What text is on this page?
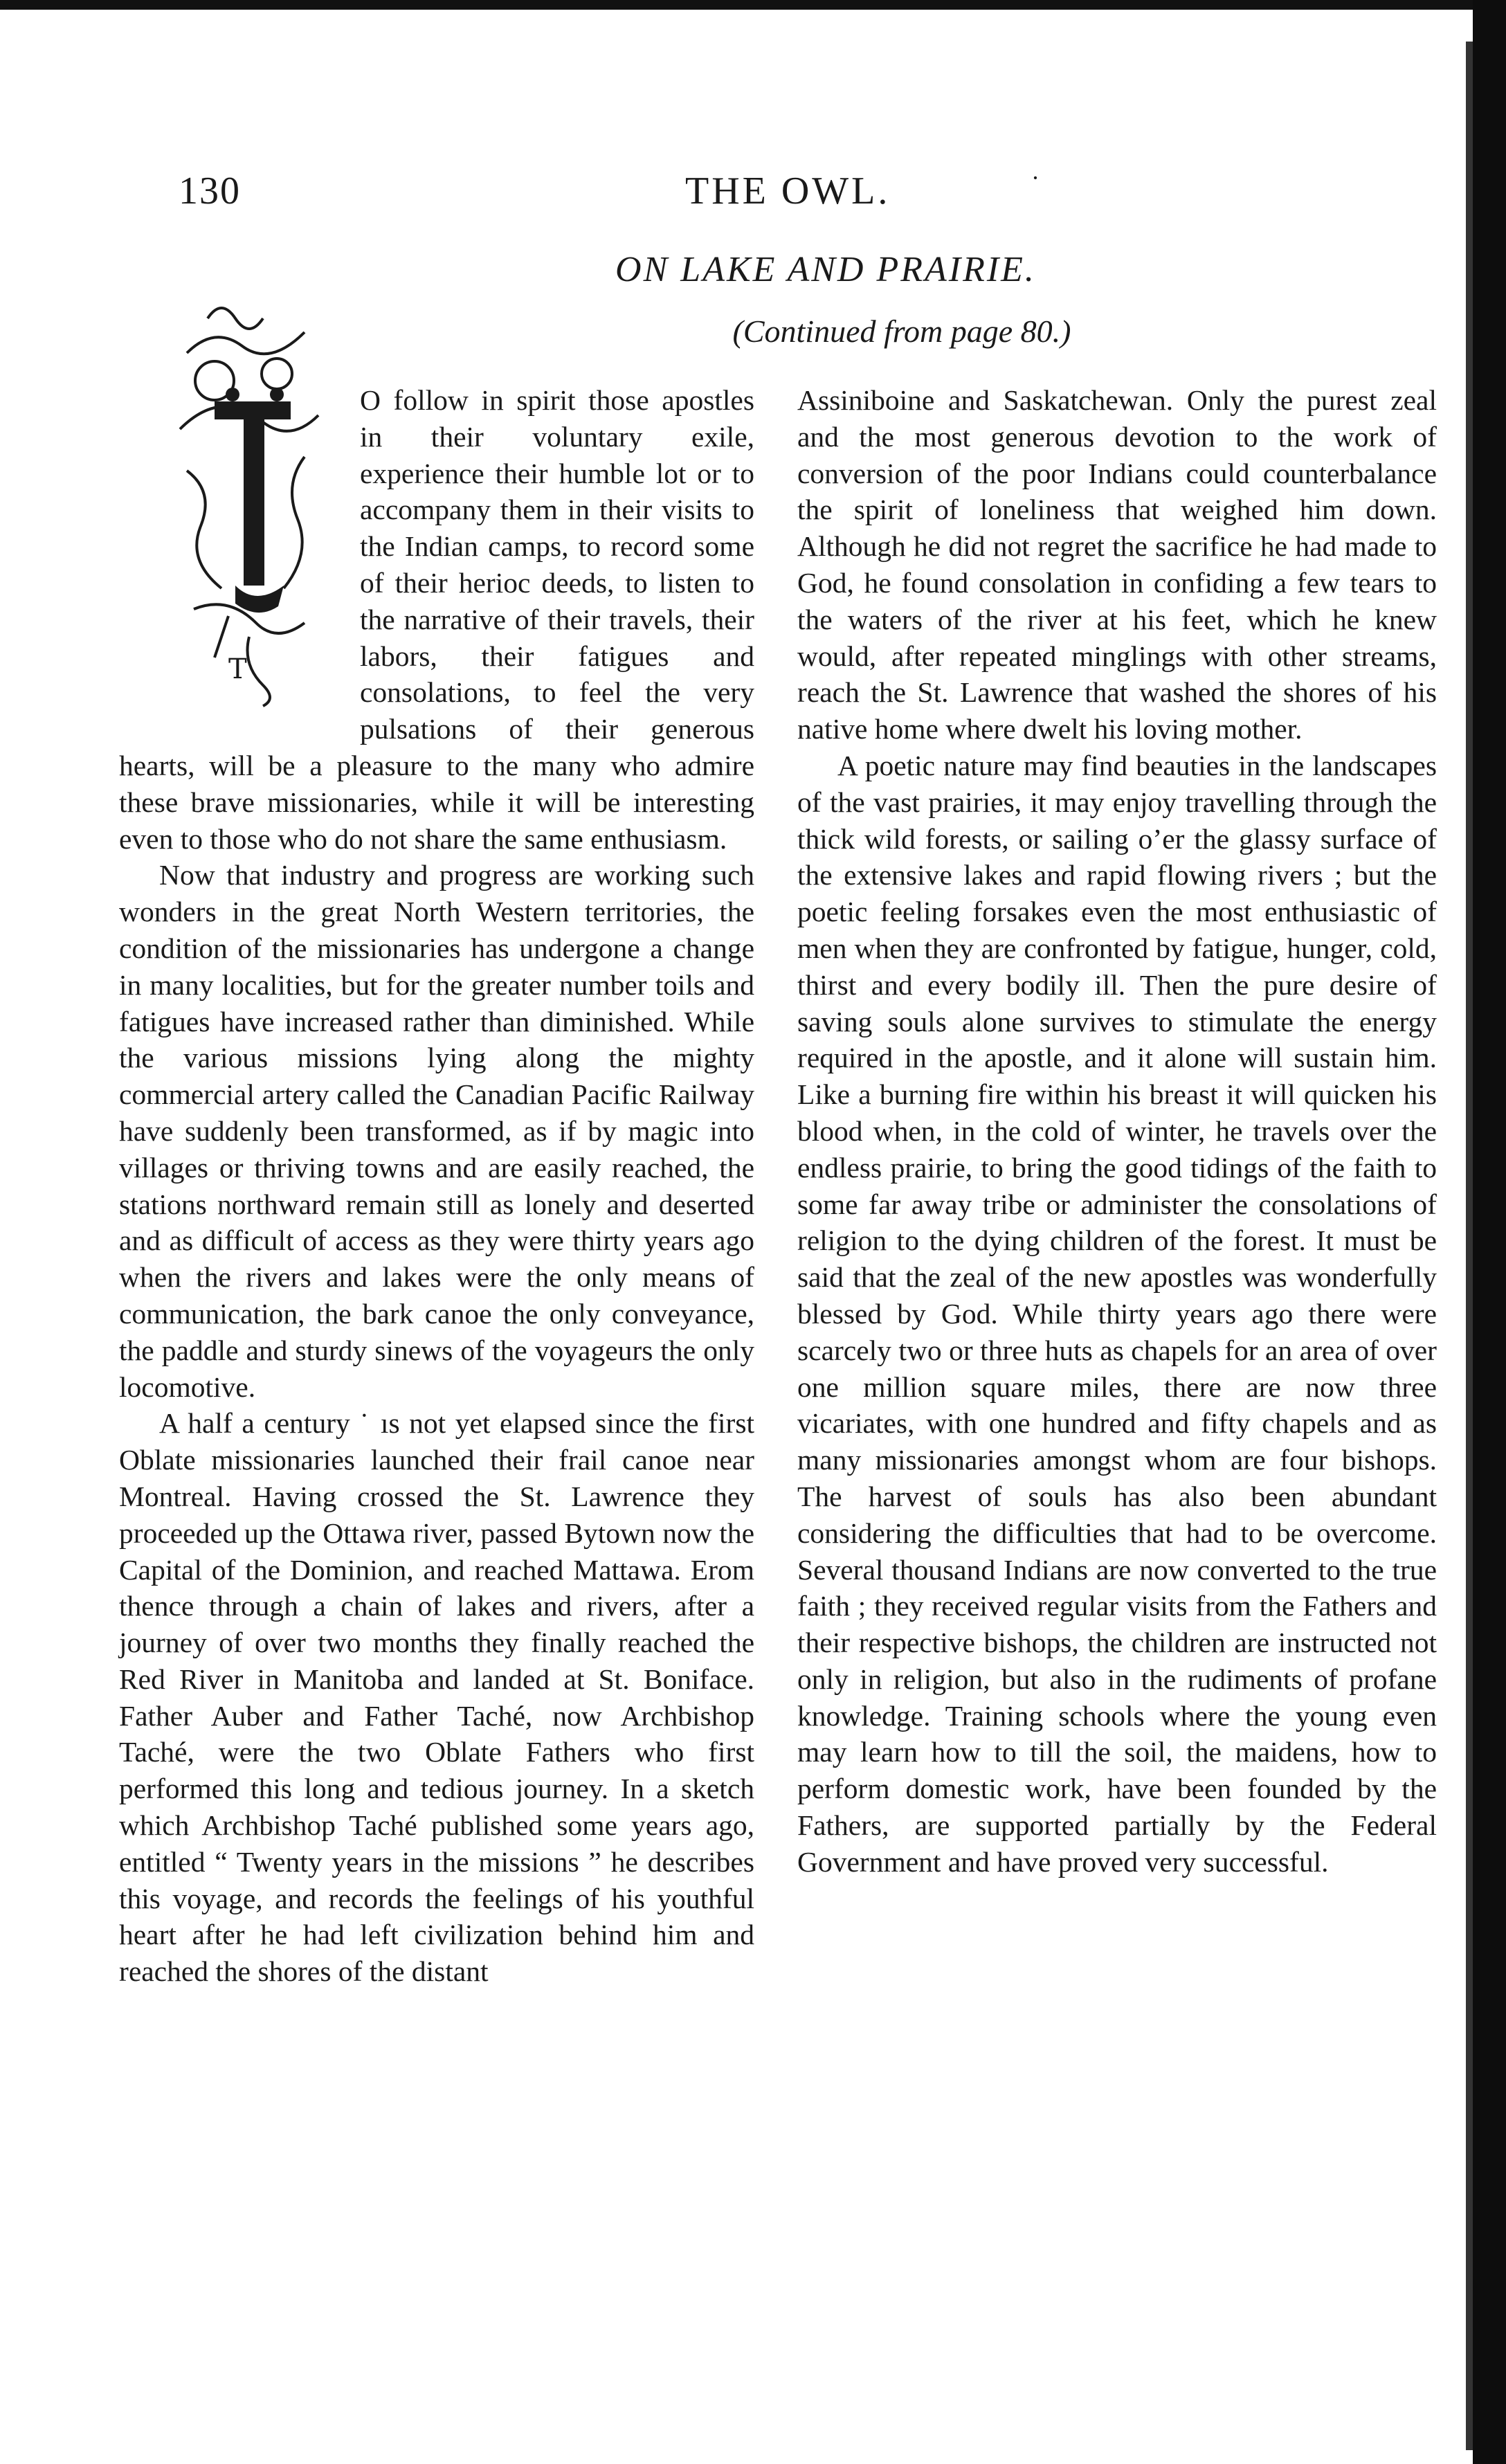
·
130	THE OWL.
ON LAKE AND PRAIRIE.
(Continued from page 80.)
T

O follow in spirit those apostles in their voluntary exile, experience their humble lot or to accompany them in their visits to the Indian camps, to record some of their herioc deeds, to listen to the narrative of their travels, their labors, their fatigues and consolations, to feel the very pulsations of their generous hearts, will be a pleasure to the many who admire these brave missionaries, while it will be interesting even to those who do not share the same enthusiasm.

Now that industry and progress are working such wonders in the great North Western territories, the condition of the missionaries has undergone a change in many localities, but for the greater number toils and fatigues have increased rather than diminished. While the various missions lying along the mighty commercial artery called the Canadian Pacific Railway have suddenly been transformed, as if by magic into villages or thriving towns and are easily reached, the stations northward remain still as lonely and deserted and as difficult of access as they were thirty years ago when the rivers and lakes were the only means of communication, the bark canoe the only conveyance, the paddle and sturdy sinews of the voyageurs the only locomotive.

A half a century ˙ ıs not yet elapsed since the first Oblate missionaries launched their frail canoe near Montreal. Having crossed the St. Lawrence they proceeded up the Ottawa river, passed Bytown now the Capital of the Dominion, and reached Mattawa. Erom thence through a chain of lakes and rivers, after a journey of over two months they finally reached the Red River in Manitoba and landed at St. Boniface. Father Auber and Father Taché, now Archbishop Taché, were the two Oblate Fathers who first performed this long and tedious journey. In a sketch which Archbishop Taché published some years ago, entitled “ Twenty years in the missions ” he describes this voyage, and records the feelings of his youthful heart after he had left civilization behind him and reached the shores of the distant

Assiniboine and Saskatchewan. Only the purest zeal and the most generous devotion to the work of conversion of the poor Indians could counterbalance the spirit of loneliness that weighed him down. Although he did not regret the sacrifice he had made to God, he found consolation in confiding a few tears to the waters of the river at his feet, which he knew would, after repeated minglings with other streams, reach the St. Lawrence that washed the shores of his native home where dwelt his loving mother.

A poetic nature may find beauties in the landscapes of the vast prairies, it may enjoy travelling through the thick wild forests, or sailing o’er the glassy surface of the extensive lakes and rapid flowing rivers ; but the poetic feeling forsakes even the most enthusiastic of men when they are confronted by fatigue, hunger, cold, thirst and every bodily ill. Then the pure desire of saving souls alone survives to stimulate the energy required in the apostle, and it alone will sustain him. Like a burning fire within his breast it will quicken his blood when, in the cold of winter, he travels over the endless prairie, to bring the good tidings of the faith to some far away tribe or administer the consolations of religion to the dying children of the forest. It must be said that the zeal of the new apostles was wonderfully blessed by God. While thirty years ago there were scarcely two or three huts as chapels for an area of over one million square miles, there are now three vicariates, with one hundred and fifty chapels and as many missionaries amongst whom are four bishops. The harvest of souls has also been abundant considering the difficulties that had to be overcome. Several thousand Indians are now converted to the true faith ; they received regular visits from the Fathers and their respective bishops, the children are instructed not only in religion, but also in the rudiments of profane knowledge. Training schools where the young even may learn how to till the soil, the maidens, how to perform domestic work, have been founded by the Fathers, are supported partially by the Federal Government and have proved very successful.
